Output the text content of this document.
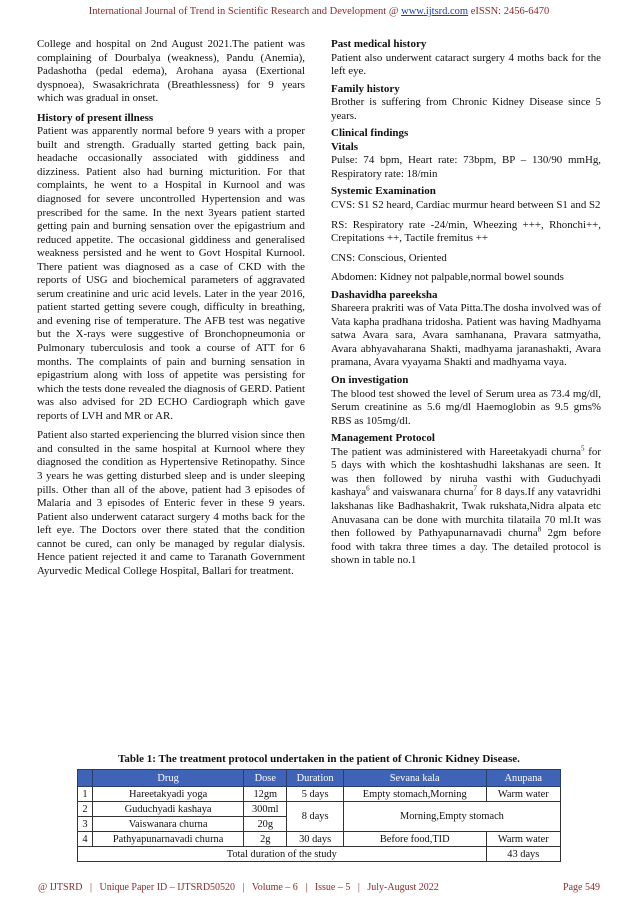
International Journal of Trend in Scientific Research and Development @ www.ijtsrd.com eISSN: 2456-6470

College and hospital on 2nd August 2021.The patient was complaining of Dourbalya (weakness), Pandu (Anemia), Padashotha (pedal edema), Arohana ayasa (Exertional dyspnoea), Swasakrichrata (Breathlessness) for 9 years which was gradual in onset.

History of present illness

Patient was apparently normal before 9 years with a proper built and strength. Gradually started getting back pain, headache occasionally associated with giddiness and dizziness. Patient also had burning micturition. For that complaints, he went to a Hospital in Kurnool and was diagnosed for severe uncontrolled Hypertension and was prescribed for the same. In the next 3years patient started getting pain and burning sensation over the epigastrium and reduced appetite. The occasional giddiness and generalised weakness persisted and he went to Govt Hospital Kurnool. There patient was diagnosed as a case of CKD with the reports of USG and biochemical parameters of aggravated serum creatinine and uric acid levels. Later in the year 2016, patient started getting severe cough, difficulty in breathing, and evening rise of temperature. The AFB test was negative but the X-rays were suggestive of Bronchopneumonia or Pulmonary tuberculosis and took a course of ATT for 6 months. The complaints of pain and burning sensation in epigastrium along with loss of appetite was persisting for which the tests done revealed the diagnosis of GERD. Patient was also advised for 2D ECHO Cardiograph which gave reports of LVH and MR or AR.

Patient also started experiencing the blurred vision since then and consulted in the same hospital at Kurnool where they diagnosed the condition as Hypertensive Retinopathy. Since 3 years he was getting disturbed sleep and is under sleeping pills. Other than all of the above, patient had 3 episodes of Malaria and 3 episodes of Enteric fever in these 9 years. Patient also underwent cataract surgery 4 moths back for the left eye. The Doctors over there stated that the condition cannot be cured, can only be managed by regular dialysis. Hence patient rejected it and came to Taranath Government Ayurvedic Medical College Hospital, Ballari for treatment.

Past medical history

Patient also underwent cataract surgery 4 moths back for the left eye.

Family history

Brother is suffering from Chronic Kidney Disease since 5 years.

Clinical findings
Vitals

Pulse: 74 bpm, Heart rate: 73bpm, BP – 130/90 mmHg, Respiratory rate: 18/min

Systemic Examination

CVS: S1 S2 heard, Cardiac murmur heard between S1 and S2

RS: Respiratory rate -24/min, Wheezing +++, Rhonchi++, Crepitations ++, Tactile fremitus ++

CNS: Conscious, Oriented

Abdomen: Kidney not palpable,normal bowel sounds

Dashavidha pareeksha

Shareera prakriti was of Vata Pitta.The dosha involved was of Vata kapha pradhana tridosha. Patient was having Madhyama satwa Avara sara, Avara samhanana, Pravara satmyatha, Avara abhyavaharana Shakti, madhyama jaranashakti, Avara pramana, Avara vyayama Shakti and madhyama vaya.

On investigation

The blood test showed the level of Serum urea as 73.4 mg/dl, Serum creatinine as 5.6 mg/dl Haemoglobin as 9.5 gms% RBS as 105mg/dl.

Management Protocol

The patient was administered with Hareetakyadi churna$^5$ for 5 days with which the koshtashudhi lakshanas are seen. It was then followed by niruha vasthi with Guduchyadi kashaya$^6$ and vaiswanara churna$^7$ for 8 days.If any vatavridhi lakshanas like Badhashakrit, Twak rukshata,Nidra alpata etc Anuvasana can be done with murchita tilataila 70 ml.It was then followed by Pathyapunarnavadi churna$^8$ 2gm before food with takra three times a day. The detailed protocol is shown in table no.1

Table 1: The treatment protocol undertaken in the patient of Chronic Kidney Disease.
	Drug	Dose	Duration	Sevana kala	Anupana
1	Hareetakyadi yoga	12gm	5 days	Empty stomach,Morning	Warm water
2	Guduchyadi kashaya	300ml	8 days	Morning,Empty stomach	
3	Vaiswanara churna	20g			
4	Pathyapunarnavadi churna	2g	30 days	Before food,TID	Warm water
Total duration of the study					43 days
@ IJTSRD   |   Unique Paper ID – IJTSRD50520   |   Volume – 6   |   Issue – 5   |   July-August 2022	Page 549
